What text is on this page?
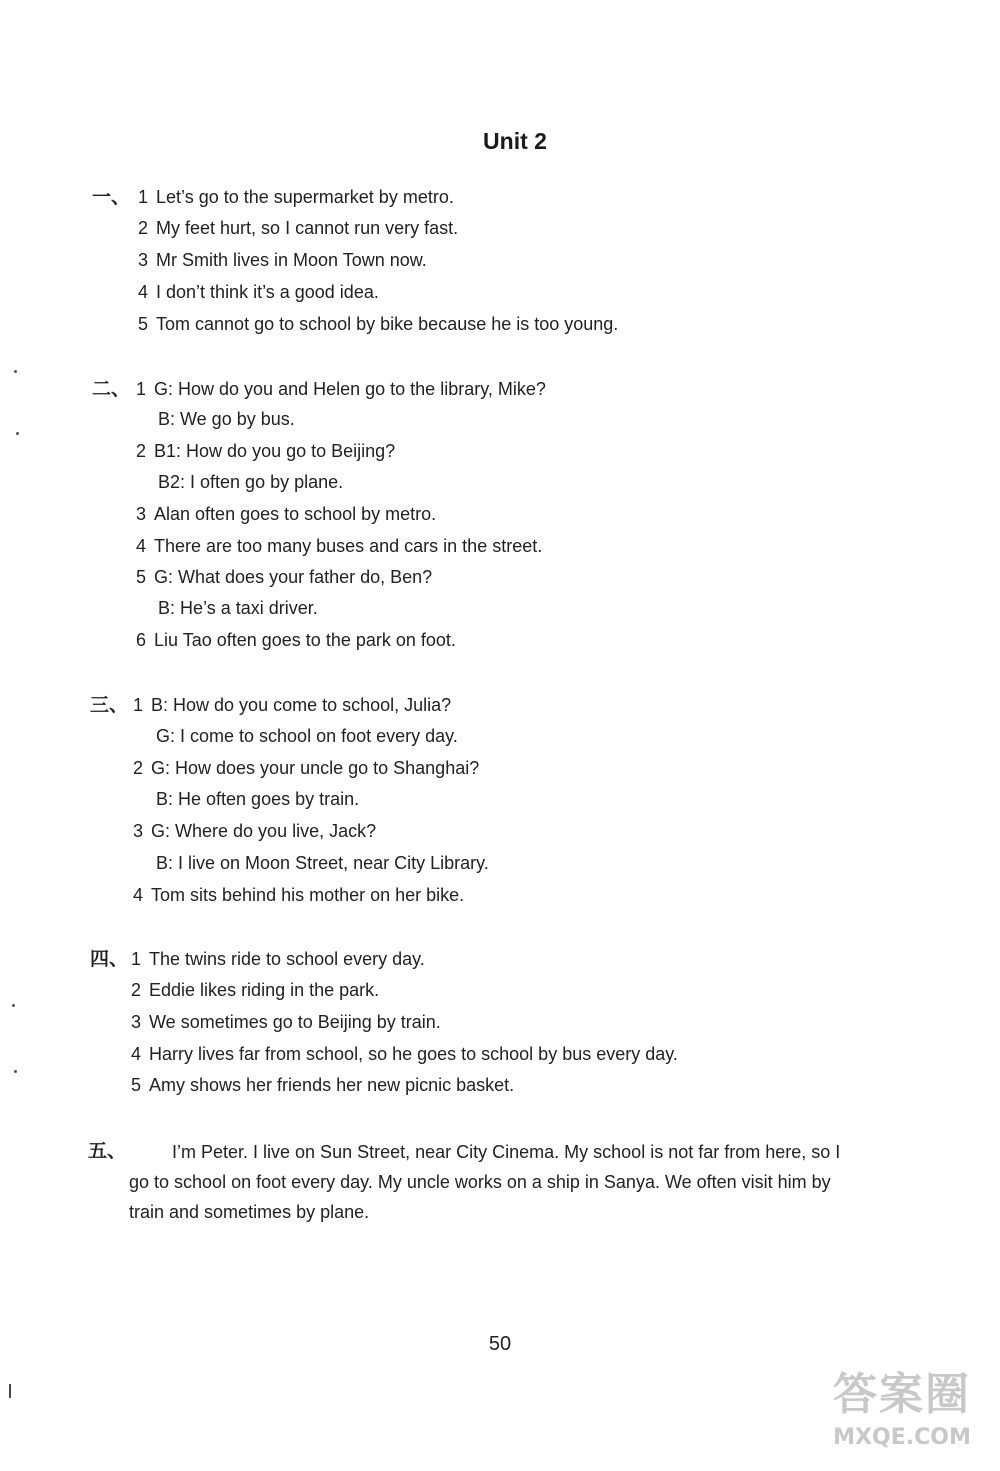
Unit 2
一、 1 Let’s go to the supermarket by metro.
2 My feet hurt, so I cannot run very fast.
3 Mr Smith lives in Moon Town now.
4 I don’t think it’s a good idea.
5 Tom cannot go to school by bike because he is too young.
二、 1 G: How do you and Helen go to the library, Mike?
B: We go by bus.
2 B1: How do you go to Beijing?
B2: I often go by plane.
3 Alan often goes to school by metro.
4 There are too many buses and cars in the street.
5 G: What does your father do, Ben?
B: He’s a taxi driver.
6 Liu Tao often goes to the park on foot.
三、 1 B: How do you come to school, Julia?
G: I come to school on foot every day.
2 G: How does your uncle go to Shanghai?
B: He often goes by train.
3 G: Where do you live, Jack?
B: I live on Moon Street, near City Library.
4 Tom sits behind his mother on her bike.
四、 1 The twins ride to school every day.
2 Eddie likes riding in the park.
3 We sometimes go to Beijing by train.
4 Harry lives far from school, so he goes to school by bus every day.
5 Amy shows her friends her new picnic basket.
五、	I’m Peter. I live on Sun Street, near City Cinema. My school is not far from here, so I
go to school on foot every day. My uncle works on a ship in Sanya. We often visit him by
train and sometimes by plane.
50
答案圈
MXQE.COM
